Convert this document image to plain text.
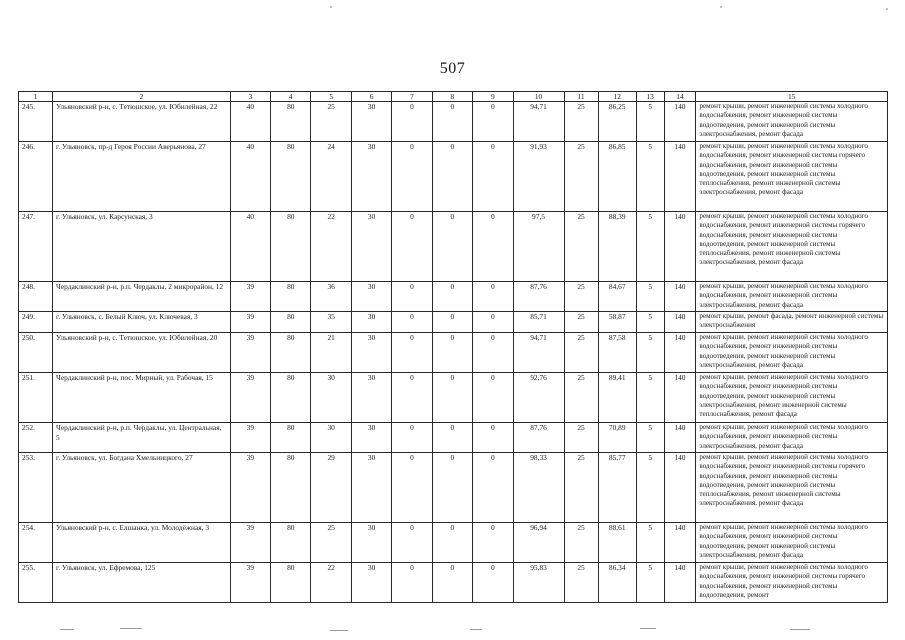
507
1	2	3	4	5	6	7	8	9	10	11	12	13	14	15
245.	Ульяновский р-н, с. Тетюшское, ул. Юбилейная, 22	40	80	25	30	0	0	0	94,71	25	86,25	5	140	ремонт крыши, ремонт инженерной системы холодного водоснабжения, ремонт инженерной системы водоотведения, ремонт инженерной системы электроснабжения, ремонт фасада
246.	г. Ульяновск, пр-д Героя России Аверьянова, 27	40	80	24	30	0	0	0	91,93	25	86,85	5	140	ремонт крыши, ремонт инженерной системы холодного водоснабжения, ремонт инженерной системы горячего водоснабжения, ремонт инженерной системы водоотведения, ремонт инженерной системы теплоснабжения, ремонт инженерной системы электроснабжения, ремонт фасада
247.	г. Ульяновск, ул. Карсунская, 3	40	80	22	30	0	0	0	97,5	25	88,39	5	140	ремонт крыши, ремонт инженерной системы холодного водоснабжения, ремонт инженерной системы горячего водоснабжения, ремонт инженерной системы водоотведения, ремонт инженерной системы теплоснабжения, ремонт инженерной системы электроснабжения, ремонт фасада
248.	Чердаклинский р-н, р.п. Чердаклы, 2 микрорайон, 12	39	80	36	30	0	0	0	87,76	25	84,67	5	140	ремонт крыши, ремонт инженерной системы холодного водоснабжения, ремонт инженерной системы электроснабжения, ремонт фасада
249.	г. Ульяновск, с. Белый Ключ, ул. Ключевая, 3	39	80	35	30	0	0	0	85,71	25	58,87	5	140	ремонт крыши, ремонт фасада, ремонт инженерной системы электроснабжения
250.	Ульяновский р-н, с. Тетюшское, ул. Юбилейная, 20	39	80	21	30	0	0	0	94,71	25	87,58	5	140	ремонт крыши, ремонт инженерной системы холодного водоснабжения, ремонт инженерной системы водоотведения, ремонт инженерной системы электроснабжения, ремонт фасада
251.	Чердаклинский р-н, пос. Мирный, ул. Рабочая, 15	39	80	30	30	0	0	0	92,76	25	89,41	5	140	ремонт крыши, ремонт инженерной системы холодного водоснабжения, ремонт инженерной системы водоотведения, ремонт инженерной системы электроснабжения, ремонт инженерной системы теплоснабжения, ремонт фасада
252.	Чердаклинский р-н, р.п. Чердаклы, ул. Центральная, 5	39	80	30	30	0	0	0	87,76	25	70,89	5	140	ремонт крыши, ремонт инженерной системы холодного водоснабжения, ремонт инженерной системы электроснабжения, ремонт фасада
253.	г. Ульяновск, ул. Богдана Хмельницкого, 27	39	80	29	30	0	0	0	98,33	25	85,77	5	140	ремонт крыши, ремонт инженерной системы холодного водоснабжения, ремонт инженерной системы горячего водоснабжения, ремонт инженерной системы водоотведения, ремонт инженерной системы теплоснабжения, ремонт инженерной системы электроснабжения, ремонт фасада
254.	Ульяновский р-н, с. Елшанка, ул. Молодёжная, 3	39	80	25	30	0	0	0	96,94	25	88,61	5	140	ремонт крыши, ремонт инженерной системы холодного водоснабжения, ремонт инженерной системы водоотведения, ремонт инженерной системы электроснабжения, ремонт фасада
255.	г. Ульяновск, ул. Ефремова, 125	39	80	22	30	0	0	0	95,83	25	86,34	5	140	ремонт крыши, ремонт инженерной системы холодного водоснабжения, ремонт инженерной системы горячего водоснабжения, ремонт инженерной системы водоотведения, ремонт
